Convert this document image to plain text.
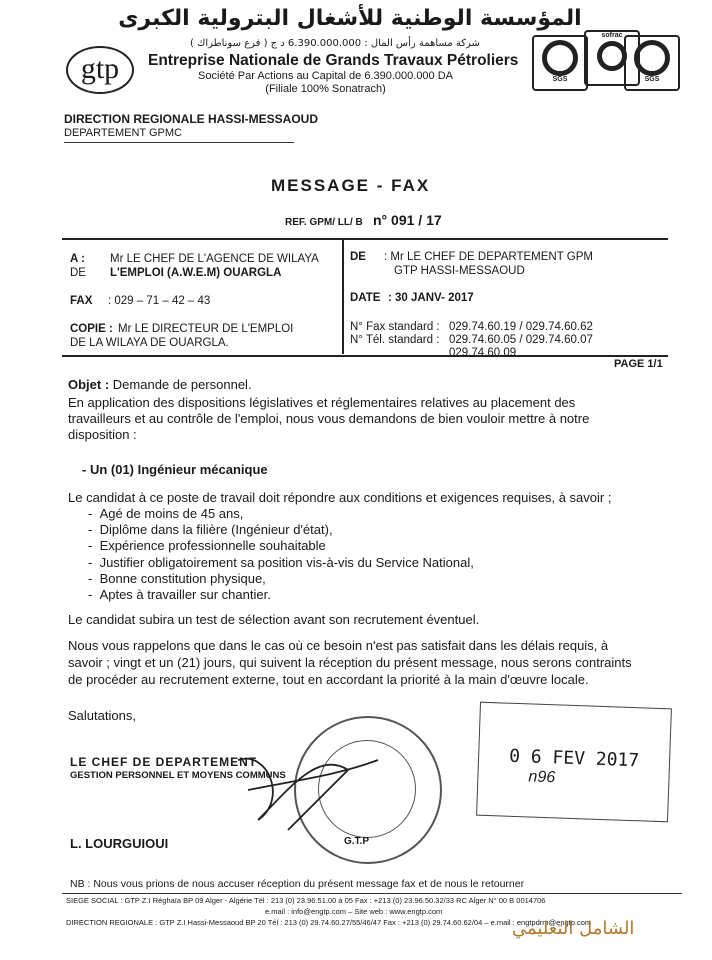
المؤسسة الوطنية للأشغال البترولية الكبرى
شركة مساهمة رأس المال : 6.390.000.000 د ج ( فرع سوناطراك )
gtp	Entreprise Nationale de Grands Travaux Pétroliers
Société Par Actions au Capital de 6.390.000.000 DA
(Filiale 100% Sonatrach)
SGS
sofrac
SGS
DIRECTION REGIONALE HASSI-MESSAOUD
DEPARTEMENT GPMC
MESSAGE - FAX
REF. GPM/ LL/ B n° 091 / 17
A : Mr LE CHEF DE L'AGENCE DE WILAYA
DE L'EMPLOI (A.W.E.M) OUARGLA
FAX : 029 – 71 – 42 – 43
COPIE : Mr LE DIRECTEUR DE L'EMPLOI
DE LA WILAYA DE OUARGLA.
DE : Mr LE CHEF DE DEPARTEMENT GPM
GTP HASSI-MESSAOUD
DATE : 30 JANV- 2017
N° Fax standard : 029.74.60.19 / 029.74.60.62
N° Tél. standard : 029.74.60.05 / 029.74.60.07
029.74.60.09
PAGE 1/1
Objet : Demande de personnel.
En application des dispositions législatives et réglementaires relatives au placement des
travailleurs et au contrôle de l'emploi, nous vous demandons de bien vouloir mettre à notre
disposition :
- Un (01) Ingénieur mécanique
Le candidat à ce poste de travail doit répondre aux conditions et exigences requises, à savoir ;
-  Agé de moins de 45 ans,
-  Diplôme dans la filière (Ingénieur d'état),
-  Expérience professionnelle souhaitable
-  Justifier obligatoirement sa position vis-à-vis du Service National,
-  Bonne constitution physique,
-  Aptes à travailler sur chantier.
Le candidat subira un test de sélection avant son recrutement éventuel.
Nous vous rappelons que dans le cas où ce besoin n'est pas satisfait dans les délais requis, à
savoir ; vingt et un (21) jours, qui suivent la réception du présent message, nous serons contraints
de procéder au recrutement externe, tout en accordant la priorité à la main d'œuvre locale.
Salutations,
LE CHEF DE DEPARTEMENT
GESTION PERSONNEL ET MOYENS COMMUNS
L. LOURGUIOUI	G.T.P
0 6 FEV 2017
n96
NB : Nous vous prions de nous accuser réception du présent message fax et de nous le retourner
SIEGE SOCIAL : GTP Z.I Réghaïa BP 09 Alger - Algérie Tél : 213 (0) 23.96.51.00 à 05 Fax : +213 (0) 23.96.50.32/33 RC Alger N° 00 B 0014706
e.mail : info@engtp.com – Site web : www.engtp.com
DIRECTION REGIONALE : GTP Z.I Hassi-Messaoud BP 20 Tél : 213 (0) 29.74.60.27/55/46/47 Fax : +213 (0) 29.74.60.62/04 – e.mail : engtpdrm@engtp.com
الشامل التعليمي
